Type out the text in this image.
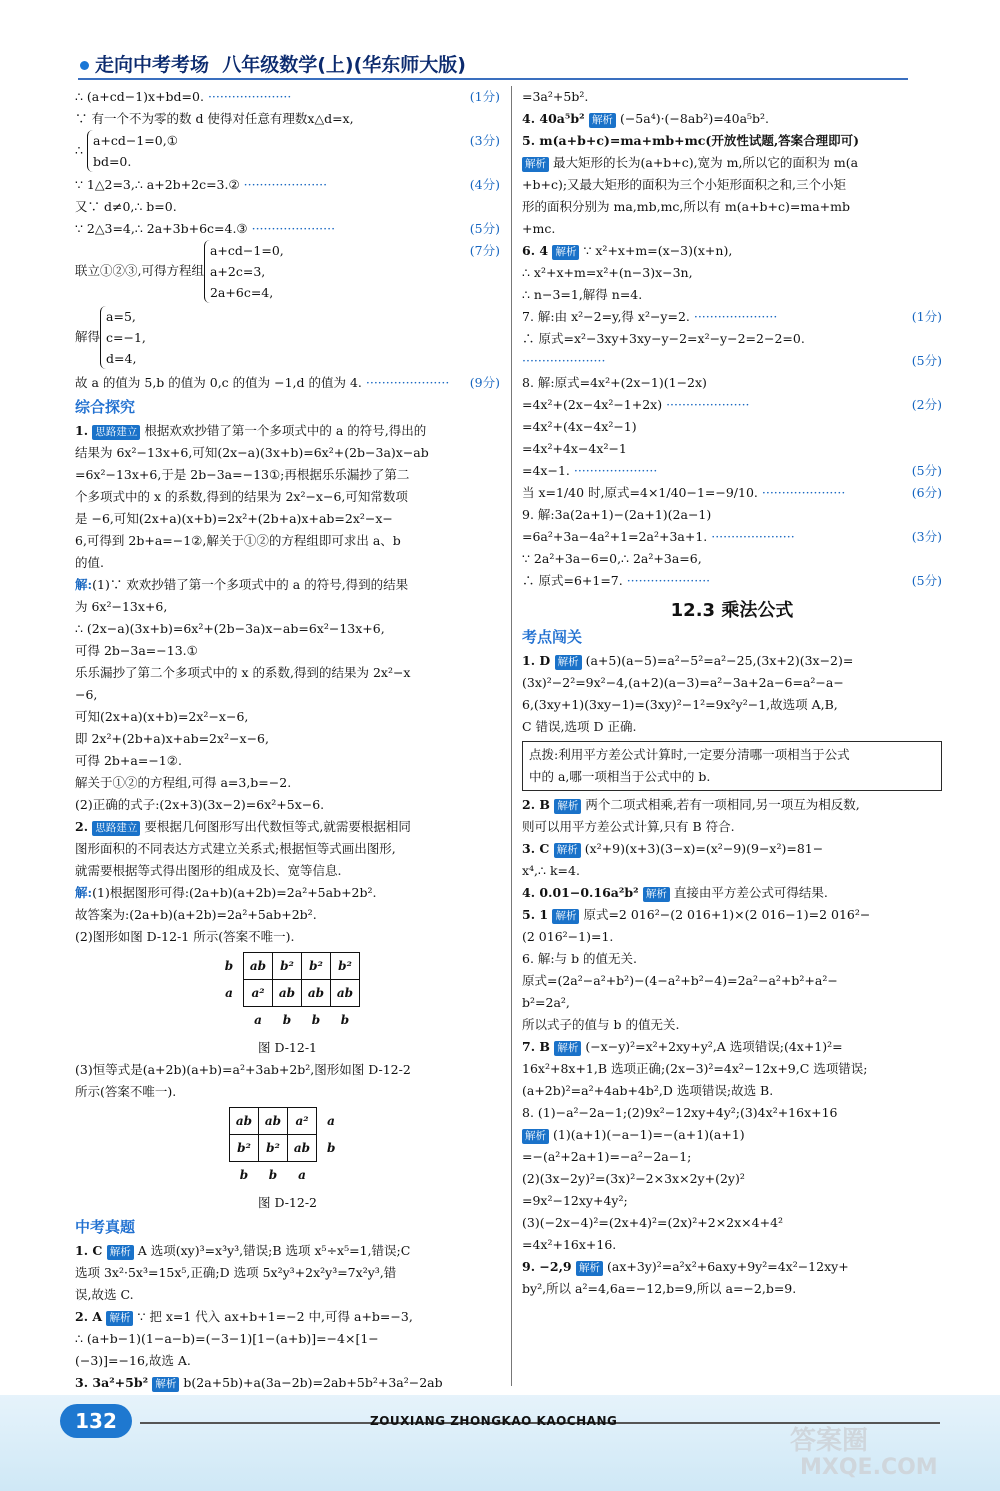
走向中考考场 八年级数学(上)(华东师大版)
∴ (a+cd−1)x+bd=0.	(1分)
·····················
∵ 有一个不为零的数 d 使得对任意有理数x△d=x,
∴
a+cd−1=0,①
bd=0.
(3分)
∵ 1△2=3,∴ a+2b+2c=3.②	(4分)
·····················
又∵ d≠0,∴ b=0.
∵ 2△3=4,∴ 2a+3b+6c=4.③	(5分)
·····················
联立①②③,可得方程组
a+cd−1=0,
a+2c=3,
2a+6c=4,
(7分)
解得
a=5,
c=−1,
d=4,
故 a 的值为 5,b 的值为 0,c 的值为 −1,d 的值为 4.	(9分)
·····················
综合探究
1. 思路建立 根据欢欢抄错了第一个多项式中的 a 的符号,得出的
结果为 6x²−13x+6,可知(2x−a)(3x+b)=6x²+(2b−3a)x−ab
=6x²−13x+6,于是 2b−3a=−13①;再根据乐乐漏抄了第二
个多项式中的 x 的系数,得到的结果为 2x²−x−6,可知常数项
是 −6,可知(2x+a)(x+b)=2x²+(2b+a)x+ab=2x²−x−
6,可得到 2b+a=−1②,解关于①②的方程组即可求出 a、b
的值.
解:(1)∵ 欢欢抄错了第一个多项式中的 a 的符号,得到的结果
为 6x²−13x+6,
∴ (2x−a)(3x+b)=6x²+(2b−3a)x−ab=6x²−13x+6,
可得 2b−3a=−13.①
乐乐漏抄了第二个多项式中的 x 的系数,得到的结果为 2x²−x
−6,
可知(2x+a)(x+b)=2x²−x−6,
即 2x²+(2b+a)x+ab=2x²−x−6,
可得 2b+a=−1②.
解关于①②的方程组,可得 a=3,b=−2.
(2)正确的式子:(2x+3)(3x−2)=6x²+5x−6.
2. 思路建立 要根据几何图形写出代数恒等式,就需要根据相同
图形面积的不同表达方式建立关系式;根据恒等式画出图形,
就需要根据等式得出图形的组成及长、宽等信息.
解:(1)根据图形可得:(2a+b)(a+2b)=2a²+5ab+2b².
故答案为:(2a+b)(a+2b)=2a²+5ab+2b².
(2)图形如图 D-12-1 所示(答案不唯一).
b	ab	b²	b²	b²
a	a²	ab	ab	ab
	a	b	b	b
图 D-12-1
(3)恒等式是(a+2b)(a+b)=a²+3ab+2b²,图形如图 D-12-2
所示(答案不唯一).
ab	ab	a²	a
b²	b²	ab	b
b	b	a	
图 D-12-2
中考真题
1. C 解析 A 选项(xy)³=x³y³,错误;B 选项 x⁵÷x⁵=1,错误;C
选项 3x²·5x³=15x⁵,正确;D 选项 5x²y³+2x²y³=7x²y³,错
误,故选 C.
2. A 解析 ∵ 把 x=1 代入 ax+b+1=−2 中,可得 a+b=−3,
∴ (a+b−1)(1−a−b)=(−3−1)[1−(a+b)]=−4×[1−
(−3)]=−16,故选 A.
3. 3a²+5b² 解析 b(2a+5b)+a(3a−2b)=2ab+5b²+3a²−2ab
=3a²+5b².
4. 40a⁵b² 解析 (−5a⁴)·(−8ab²)=40a⁵b².
5. m(a+b+c)=ma+mb+mc(开放性试题,答案合理即可)
解析 最大矩形的长为(a+b+c),宽为 m,所以它的面积为 m(a
+b+c);又最大矩形的面积为三个小矩形面积之和,三个小矩
形的面积分别为 ma,mb,mc,所以有 m(a+b+c)=ma+mb
+mc.
6. 4 解析 ∵ x²+x+m=(x−3)(x+n),
∴ x²+x+m=x²+(n−3)x−3n,
∴ n−3=1,解得 n=4.
7. 解:由 x²−2=y,得 x²−y=2.	(1分)
·····················
∴ 原式=x²−3xy+3xy−y−2=x²−y−2=2−2=0.
(5分)
·····················
8. 解:原式=4x²+(2x−1)(1−2x)
=4x²+(2x−4x²−1+2x)	(2分)
·····················
=4x²+(4x−4x²−1)
=4x²+4x−4x²−1
=4x−1.	(5分)
·····················
当 x=1/40 时,原式=4×1/40−1=−9/10.	(6分)
·····················
9. 解:3a(2a+1)−(2a+1)(2a−1)
=6a²+3a−4a²+1=2a²+3a+1.	(3分)
·····················
∵ 2a²+3a−6=0,∴ 2a²+3a=6,
∴ 原式=6+1=7.	(5分)
·····················
12.3 乘法公式
考点闯关
1. D 解析 (a+5)(a−5)=a²−5²=a²−25,(3x+2)(3x−2)=
(3x)²−2²=9x²−4,(a+2)(a−3)=a²−3a+2a−6=a²−a−
6,(3xy+1)(3xy−1)=(3xy)²−1²=9x²y²−1,故选项 A,B,
C 错误,选项 D 正确.
点拨:利用平方差公式计算时,一定要分清哪一项相当于公式
中的 a,哪一项相当于公式中的 b.
2. B 解析 两个二项式相乘,若有一项相同,另一项互为相反数,
则可以用平方差公式计算,只有 B 符合.
3. C 解析 (x²+9)(x+3)(3−x)=(x²−9)(9−x²)=81−
x⁴,∴ k=4.
4. 0.01−0.16a²b² 解析 直接由平方差公式可得结果.
5. 1 解析 原式=2 016²−(2 016+1)×(2 016−1)=2 016²−
(2 016²−1)=1.
6. 解:与 b 的值无关.
原式=(2a²−a²+b²)−(4−a²+b²−4)=2a²−a²+b²+a²−
b²=2a²,
所以式子的值与 b 的值无关.
7. B 解析 (−x−y)²=x²+2xy+y²,A 选项错误;(4x+1)²=
16x²+8x+1,B 选项正确;(2x−3)²=4x²−12x+9,C 选项错误;
(a+2b)²=a²+4ab+4b²,D 选项错误;故选 B.
8. (1)−a²−2a−1;(2)9x²−12xy+4y²;(3)4x²+16x+16
解析 (1)(a+1)(−a−1)=−(a+1)(a+1)
=−(a²+2a+1)=−a²−2a−1;
(2)(3x−2y)²=(3x)²−2×3x×2y+(2y)²
=9x²−12xy+4y²;
(3)(−2x−4)²=(2x+4)²=(2x)²+2×2x×4+4²
=4x²+16x+16.
9. −2,9 解析 (ax+3y)²=a²x²+6axy+9y²=4x²−12xy+
by²,所以 a²=4,6a=−12,b=9,所以 a=−2,b=9.
132	ZOUXIANG ZHONGKAO KAOCHANG
答案圈
MXQE.COM
